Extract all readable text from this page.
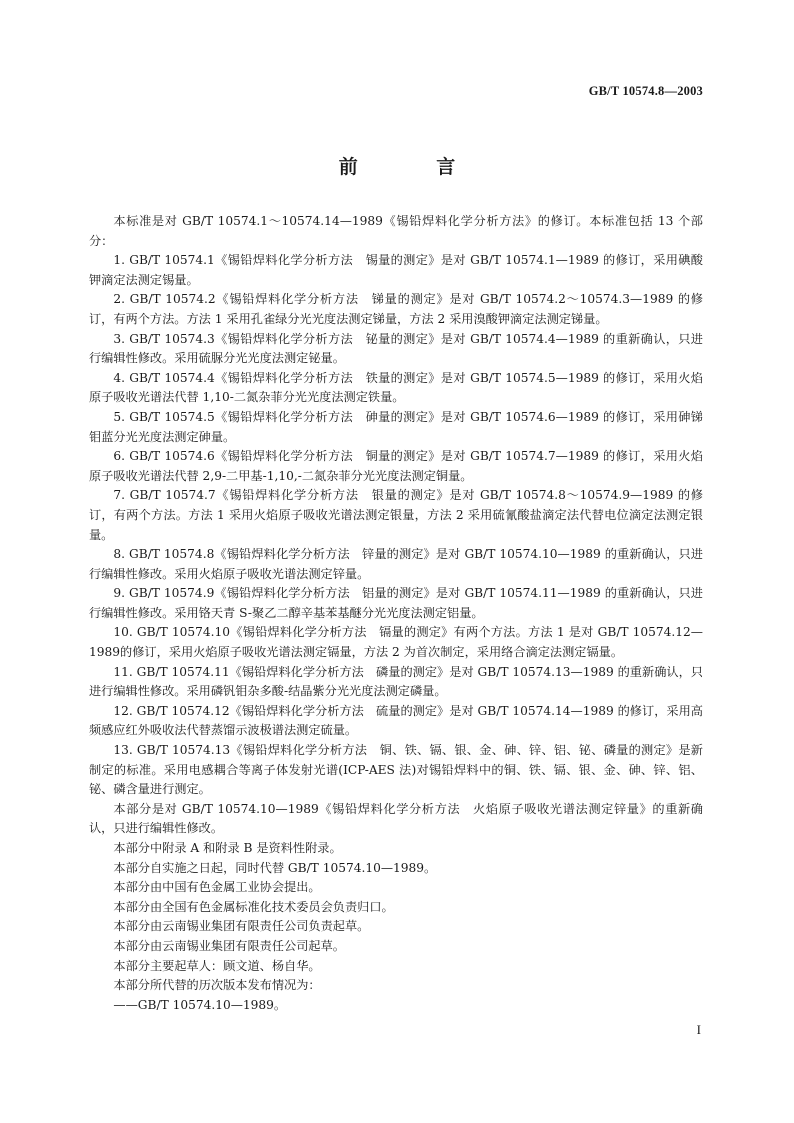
GB/T 10574.8—2003
前 言

本标准是对 GB/T 10574.1～10574.14—1989《锡铅焊料化学分析方法》的修订。本标准包括 13 个部分：

1. GB/T 10574.1《锡铅焊料化学分析方法　锡量的测定》是对 GB/T 10574.1—1989 的修订，采用碘酸钾滴定法测定锡量。

2. GB/T 10574.2《锡铅焊料化学分析方法　锑量的测定》是对 GB/T 10574.2～10574.3—1989 的修订，有两个方法。方法 1 采用孔雀绿分光光度法测定锑量，方法 2 采用溴酸钾滴定法测定锑量。

3. GB/T 10574.3《锡铅焊料化学分析方法　铋量的测定》是对 GB/T 10574.4—1989 的重新确认，只进行编辑性修改。采用硫脲分光光度法测定铋量。

4. GB/T 10574.4《锡铅焊料化学分析方法　铁量的测定》是对 GB/T 10574.5—1989 的修订，采用火焰原子吸收光谱法代替 1,10-二氮杂菲分光光度法测定铁量。

5. GB/T 10574.5《锡铅焊料化学分析方法　砷量的测定》是对 GB/T 10574.6—1989 的修订，采用砷锑钼蓝分光光度法测定砷量。

6. GB/T 10574.6《锡铅焊料化学分析方法　铜量的测定》是对 GB/T 10574.7—1989 的修订，采用火焰原子吸收光谱法代替 2,9-二甲基-1,10,-二氮杂菲分光光度法测定铜量。

7. GB/T 10574.7《锡铅焊料化学分析方法　银量的测定》是对 GB/T 10574.8～10574.9—1989 的修订，有两个方法。方法 1 采用火焰原子吸收光谱法测定银量，方法 2 采用硫氰酸盐滴定法代替电位滴定法测定银量。

8. GB/T 10574.8《锡铅焊料化学分析方法　锌量的测定》是对 GB/T 10574.10—1989 的重新确认，只进行编辑性修改。采用火焰原子吸收光谱法测定锌量。

9. GB/T 10574.9《锡铅焊料化学分析方法　铝量的测定》是对 GB/T 10574.11—1989 的重新确认，只进行编辑性修改。采用铬天青 S-聚乙二醇辛基苯基醚分光光度法测定铝量。

10. GB/T 10574.10《锡铅焊料化学分析方法　镉量的测定》有两个方法。方法 1 是对 GB/T 10574.12—1989的修订，采用火焰原子吸收光谱法测定镉量，方法 2 为首次制定，采用络合滴定法测定镉量。

11. GB/T 10574.11《锡铅焊料化学分析方法　磷量的测定》是对 GB/T 10574.13—1989 的重新确认，只进行编辑性修改。采用磷钒钼杂多酸-结晶紫分光光度法测定磷量。

12. GB/T 10574.12《锡铅焊料化学分析方法　硫量的测定》是对 GB/T 10574.14—1989 的修订，采用高频感应红外吸收法代替蒸馏示波极谱法测定硫量。

13. GB/T 10574.13《锡铅焊料化学分析方法　铜、铁、镉、银、金、砷、锌、铝、铋、磷量的测定》是新制定的标准。采用电感耦合等离子体发射光谱(ICP-AES 法)对锡铅焊料中的铜、铁、镉、银、金、砷、锌、铝、铋、磷含量进行测定。

本部分是对 GB/T 10574.10—1989《锡铅焊料化学分析方法　火焰原子吸收光谱法测定锌量》的重新确认，只进行编辑性修改。

本部分中附录 A 和附录 B 是资料性附录。

本部分自实施之日起，同时代替 GB/T 10574.10—1989。

本部分由中国有色金属工业协会提出。

本部分由全国有色金属标准化技术委员会负责归口。

本部分由云南锡业集团有限责任公司负责起草。

本部分由云南锡业集团有限责任公司起草。

本部分主要起草人：顾文道、杨自华。

本部分所代替的历次版本发布情况为：

——GB/T 10574.10—1989。

I
